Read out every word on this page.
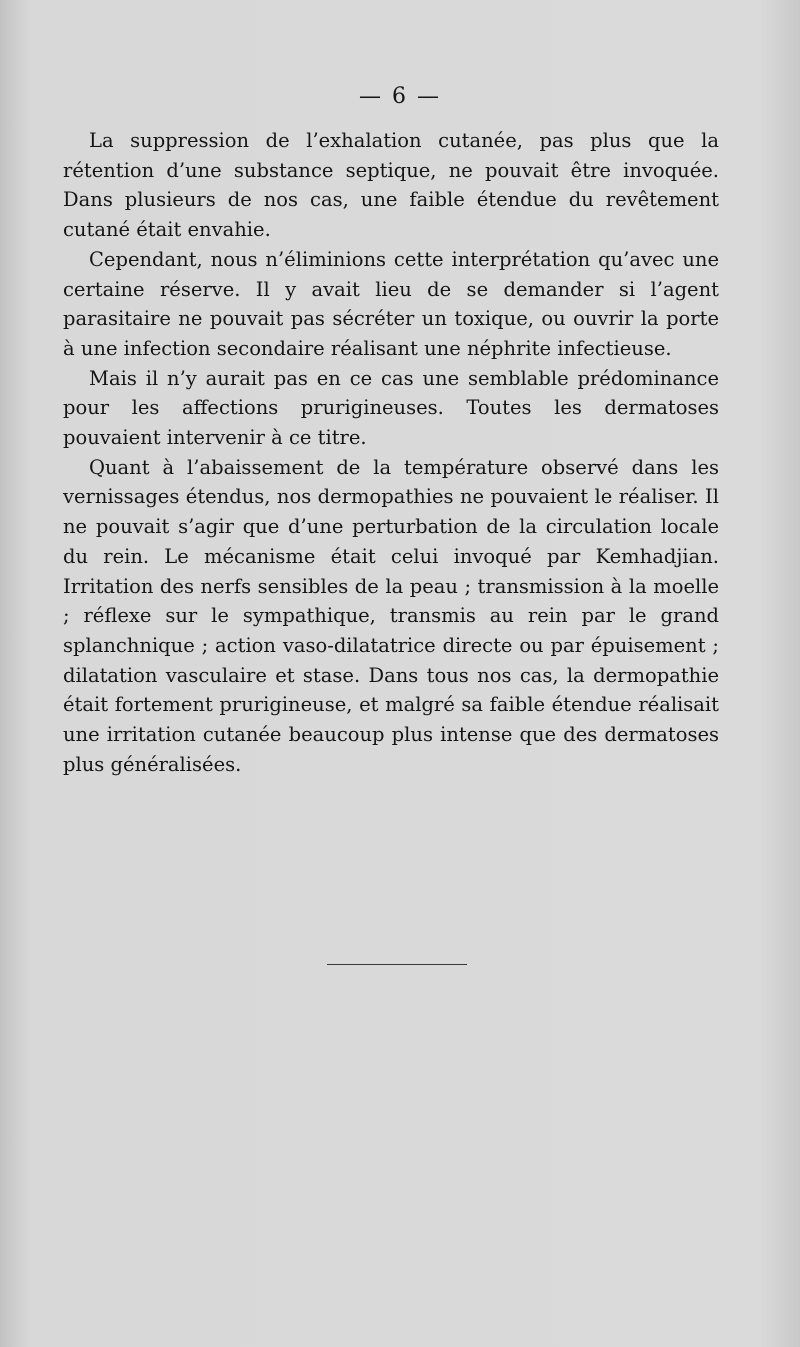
— 6 —

La suppression de l’exhalation cutanée, pas plus que la rétention d’une substance septique, ne pouvait être invoquée. Dans plusieurs de nos cas, une faible étendue du revêtement cutané était envahie.

Cependant, nous n’éliminions cette interprétation qu’avec une certaine réserve. Il y avait lieu de se demander si l’agent parasitaire ne pouvait pas sécréter un toxique, ou ouvrir la porte à une infection secondaire réalisant une néphrite infectieuse.

Mais il n’y aurait pas en ce cas une semblable prédominance pour les affections prurigineuses. Toutes les dermatoses pouvaient intervenir à ce titre.

Quant à l’abaissement de la température observé dans les vernissages étendus, nos dermopathies ne pouvaient le réaliser. Il ne pouvait s’agir que d’une perturbation de la circulation locale du rein. Le mécanisme était celui invoqué par Kemhadjian. Irritation des nerfs sensibles de la peau ; transmission à la moelle ; réflexe sur le sympathique, transmis au rein par le grand splanchnique ; action vaso-dilatatrice directe ou par épuisement ; dilatation vasculaire et stase. Dans tous nos cas, la dermopathie était fortement prurigineuse, et malgré sa faible étendue réalisait une irritation cutanée beaucoup plus intense que des dermatoses plus généralisées.
